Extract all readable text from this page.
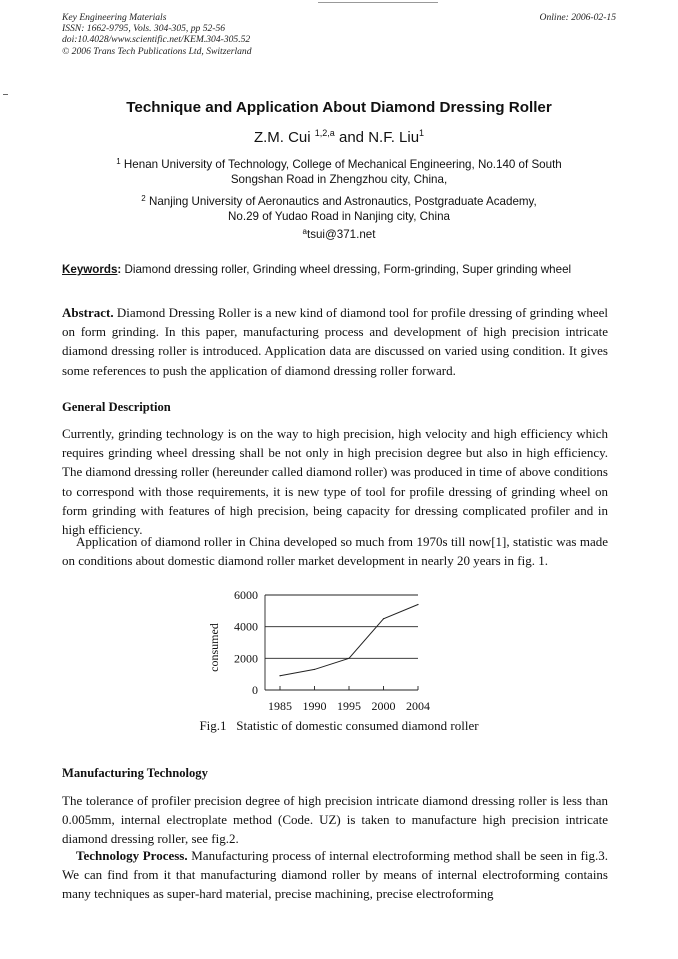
Key Engineering Materials
ISSN: 1662-9795, Vols. 304-305, pp 52-56
doi:10.4028/www.scientific.net/KEM.304-305.52
© 2006 Trans Tech Publications Ltd, Switzerland
Online: 2006-02-15
Technique and Application About Diamond Dressing Roller
Z.M. Cui $^{1,2,a}$ and N.F. Liu$^1$
$^1$ Henan University of Technology, College of Mechanical Engineering, No.140 of South
Songshan Road in Zhengzhou city, China,
$^2$ Nanjing University of Aeronautics and Astronautics, Postgraduate Academy,
No.29 of Yudao Road in Nanjing city, China
$^a$tsui@371.net
Keywords: Diamond dressing roller, Grinding wheel dressing, Form-grinding, Super grinding wheel
Abstract. Diamond Dressing Roller is a new kind of diamond tool for profile dressing of grinding wheel on form grinding. In this paper, manufacturing process and development of high precision intricate diamond dressing roller is introduced. Application data are discussed on varied using condition. It gives some references to push the application of diamond dressing roller forward.
General Description
Currently, grinding technology is on the way to high precision, high velocity and high efficiency which requires grinding wheel dressing shall be not only in high precision degree but also in high efficiency. The diamond dressing roller (hereunder called diamond roller) was produced in time of above conditions to correspond with those requirements, it is new type of tool for profile dressing of grinding wheel on form grinding with features of high precision, being capacity for dressing complicated profiler and in high efficiency.
Application of diamond roller in China developed so much from 1970s till now[1], statistic was made on conditions about domestic diamond roller market development in nearly 20 years in fig. 1.
0
2000
4000
6000
1985 1990 1995 2000 2004
consumed
Fig.1 Statistic of domestic consumed diamond roller
Manufacturing Technology
The tolerance of profiler precision degree of high precision intricate diamond dressing roller is less than 0.005mm, internal electroplate method (Code. UZ) is taken to manufacture high precision intricate diamond dressing roller, see fig.2.
Technology Process. Manufacturing process of internal electroforming method shall be seen in fig.3. We can find from it that manufacturing diamond roller by means of internal electroforming contains many techniques as super-hard material, precise machining, precise electroforming
